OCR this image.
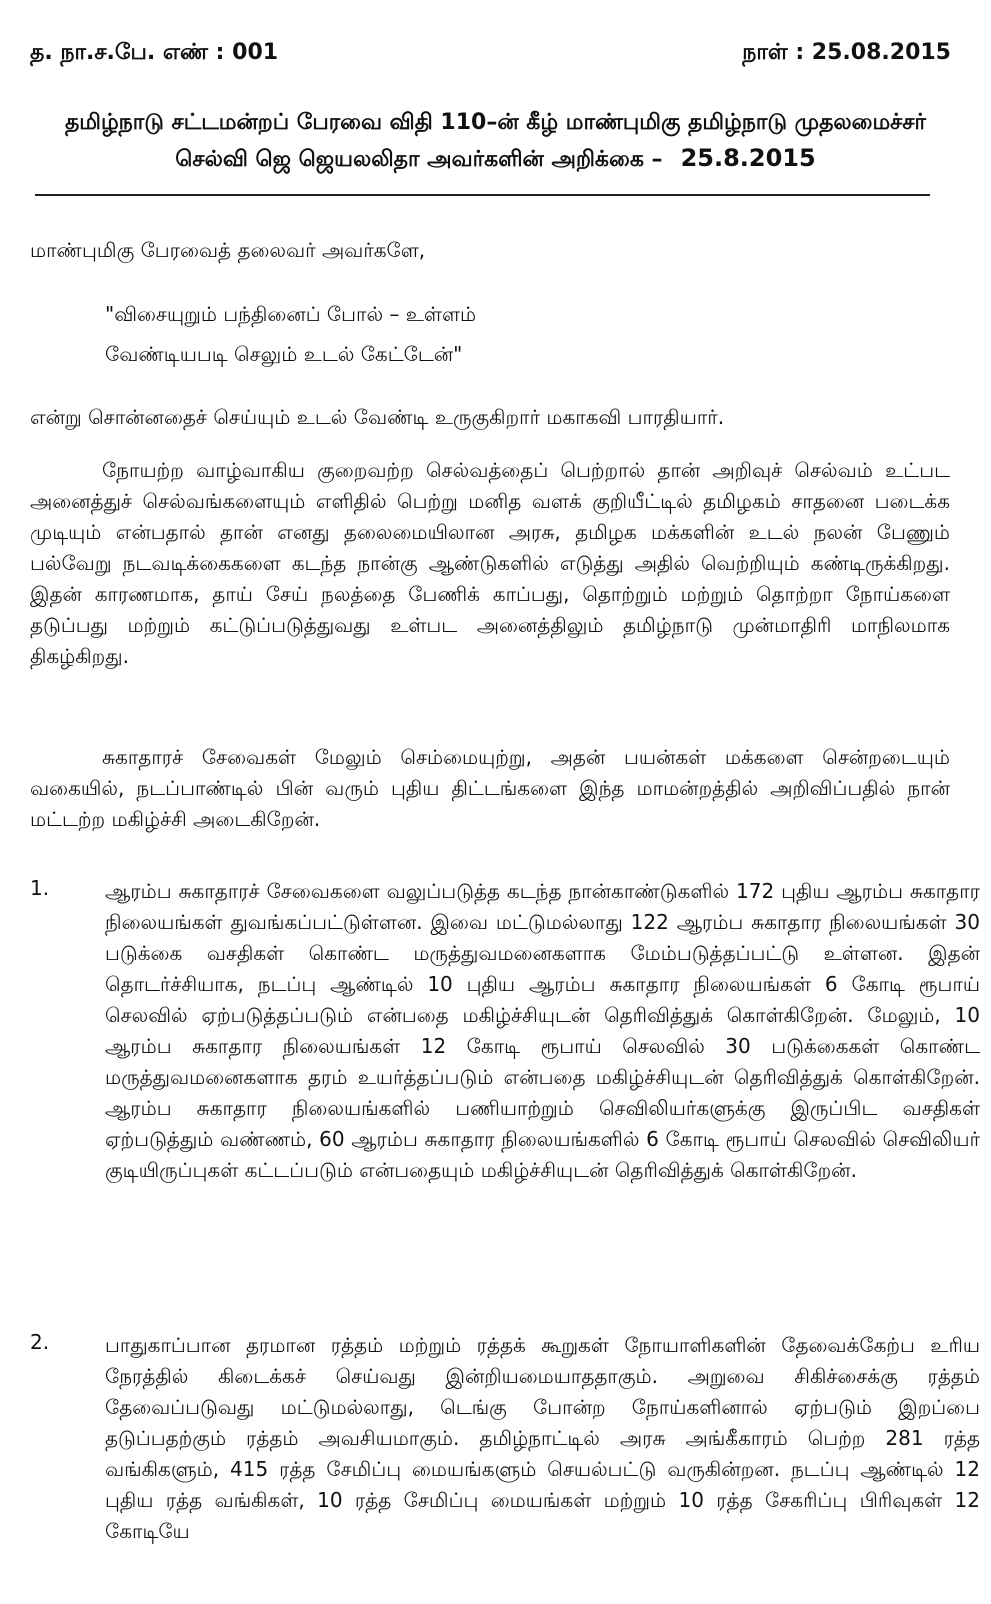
த. நா.ச.பே. எண் : 001	நாள் : 25.08.2015
தமிழ்நாடு சட்டமன்றப் பேரவை விதி 110–ன் கீழ் மாண்புமிகு தமிழ்நாடு முதலமைச்சர்
செல்வி ஜெ ஜெயலலிதா அவர்களின் அறிக்கை – 25.8.2015
மாண்புமிகு பேரவைத் தலைவர் அவர்களே,
"விசையுறும் பந்தினைப் போல் – உள்ளம்
வேண்டியபடி செலும் உடல் கேட்டேன்"
என்று சொன்னதைச் செய்யும் உடல் வேண்டி உருகுகிறார் மகாகவி பாரதியார்.
நோயற்ற வாழ்வாகிய குறைவற்ற செல்வத்தைப் பெற்றால் தான் அறிவுச் செல்வம் உட்பட அனைத்துச் செல்வங்களையும் எளிதில் பெற்று மனித வளக் குறியீட்டில் தமிழகம் சாதனை படைக்க முடியும் என்பதால் தான் எனது தலைமையிலான அரசு, தமிழக மக்களின் உடல் நலன் பேணும் பல்வேறு நடவடிக்கைகளை கடந்த நான்கு ஆண்டுகளில் எடுத்து அதில் வெற்றியும் கண்டிருக்கிறது. இதன் காரணமாக, தாய் சேய் நலத்தை பேணிக் காப்பது, தொற்றும் மற்றும் தொற்றா நோய்களை தடுப்பது மற்றும் கட்டுப்படுத்துவது உள்பட அனைத்திலும் தமிழ்நாடு முன்மாதிரி மாநிலமாக திகழ்கிறது.
சுகாதாரச் சேவைகள் மேலும் செம்மையுற்று, அதன் பயன்கள் மக்களை சென்றடையும் வகையில், நடப்பாண்டில் பின் வரும் புதிய திட்டங்களை இந்த மாமன்றத்தில் அறிவிப்பதில் நான் மட்டற்ற மகிழ்ச்சி அடைகிறேன்.
1.	ஆரம்ப சுகாதாரச் சேவைகளை வலுப்படுத்த கடந்த நான்காண்டுகளில் 172 புதிய ஆரம்ப சுகாதார நிலையங்கள் துவங்கப்பட்டுள்ளன. இவை மட்டுமல்லாது 122 ஆரம்ப சுகாதார நிலையங்கள் 30 படுக்கை வசதிகள் கொண்ட மருத்துவமனைகளாக மேம்படுத்தப்பட்டு உள்ளன. இதன் தொடர்ச்சியாக, நடப்பு ஆண்டில் 10 புதிய ஆரம்ப சுகாதார நிலையங்கள் 6 கோடி ரூபாய் செலவில் ஏற்படுத்தப்படும் என்பதை மகிழ்ச்சியுடன் தெரிவித்துக் கொள்கிறேன். மேலும், 10 ஆரம்ப சுகாதார நிலையங்கள் 12 கோடி ரூபாய் செலவில் 30 படுக்கைகள் கொண்ட மருத்துவமனைகளாக தரம் உயர்த்தப்படும் என்பதை மகிழ்ச்சியுடன் தெரிவித்துக் கொள்கிறேன். ஆரம்ப சுகாதார நிலையங்களில் பணியாற்றும் செவிலியர்களுக்கு இருப்பிட வசதிகள் ஏற்படுத்தும் வண்ணம், 60 ஆரம்ப சுகாதார நிலையங்களில் 6 கோடி ரூபாய் செலவில் செவிலியர் குடியிருப்புகள் கட்டப்படும் என்பதையும் மகிழ்ச்சியுடன் தெரிவித்துக் கொள்கிறேன்.
2.	பாதுகாப்பான தரமான ரத்தம் மற்றும் ரத்தக் கூறுகள் நோயாளிகளின் தேவைக்கேற்ப உரிய நேரத்தில் கிடைக்கச் செய்வது இன்றியமையாததாகும். அறுவை சிகிச்சைக்கு ரத்தம் தேவைப்படுவது மட்டுமல்லாது, டெங்கு போன்ற நோய்களினால் ஏற்படும் இறப்பை தடுப்பதற்கும் ரத்தம் அவசியமாகும். தமிழ்நாட்டில் அரசு அங்கீகாரம் பெற்ற 281 ரத்த வங்கிகளும், 415 ரத்த சேமிப்பு மையங்களும் செயல்பட்டு வருகின்றன. நடப்பு ஆண்டில் 12 புதிய ரத்த வங்கிகள், 10 ரத்த சேமிப்பு மையங்கள் மற்றும் 10 ரத்த சேகரிப்பு பிரிவுகள் 12 கோடியே
